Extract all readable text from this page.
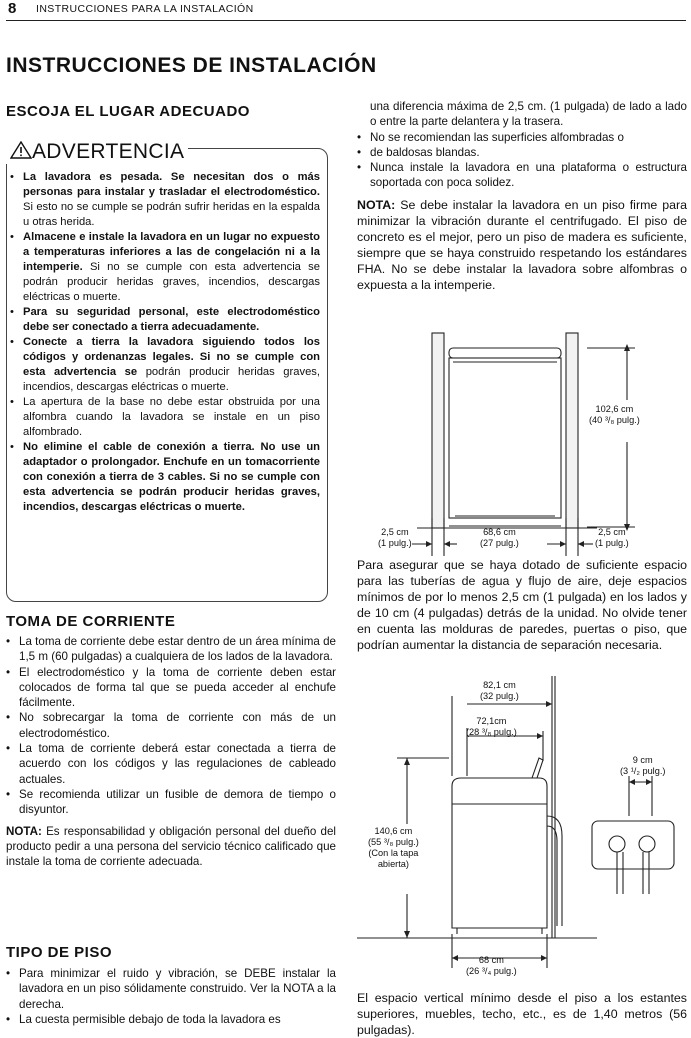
8 INSTRUCCIONES PARA LA INSTALACIÓN
INSTRUCCIONES DE INSTALACIÓN
ESCOJA EL LUGAR ADECUADO
ADVERTENCIA
• La lavadora es pesada. Se necesitan dos o más personas para instalar y trasladar el electrodoméstico. Si esto no se cumple se podrán sufrir heridas en la espalda u otras herida.
• Almacene e instale la lavadora en un lugar no expuesto a temperaturas inferiores a las de congelación ni a la intemperie. Si no se cumple con esta advertencia se podrán producir heridas graves, incendios, descargas eléctricas o muerte.
• Para su seguridad personal, este electrodoméstico debe ser conectado a tierra adecuadamente.
• Conecte a tierra la lavadora siguiendo todos los códigos y ordenanzas legales. Si no se cumple con esta advertencia se podrán producir heridas graves, incendios, descargas eléctricas o muerte.
• La apertura de la base no debe estar obstruida por una alfombra cuando la lavadora se instale en un piso alfombrado.
• No elimine el cable de conexión a tierra. No use un adaptador o prolongador. Enchufe en un tomacorriente con conexión a tierra de 3 cables. Si no se cumple con esta advertencia se podrán producir heridas graves, incendios, descargas eléctricas o muerte.
TOMA DE CORRIENTE
• La toma de corriente debe estar dentro de un área mínima de 1,5 m (60 pulgadas) a cualquiera de los lados de la lavadora.
• El electrodoméstico y la toma de corriente deben estar colocados de forma tal que se pueda acceder al enchufe fácilmente.
• No sobrecargar la toma de corriente con más de un electrodoméstico.
• La toma de corriente deberá estar conectada a tierra de acuerdo con los códigos y las regulaciones de cableado actuales.
• Se recomienda utilizar un fusible de demora de tiempo o disyuntor.
NOTA: Es responsabilidad y obligación personal del dueño del producto pedir a una persona del servicio técnico calificado que instale la toma de corriente adecuada.
TIPO DE PISO
• Para minimizar el ruido y vibración, se DEBE instalar la lavadora en un piso sólidamente construido. Ver la NOTA a la derecha.
• La cuesta permisible debajo de toda la lavadora es
una diferencia máxima de 2,5 cm. (1 pulgada) de lado a lado o entre la parte delantera y la trasera.
• No se recomiendan las superficies alfombradas o
• de baldosas blandas.
• Nunca instale la lavadora en una plataforma o estructura soportada con poca solidez.
NOTA: Se debe instalar la lavadora en un piso firme para minimizar la vibración durante el centrifugado. El piso de concreto es el mejor, pero un piso de madera es suficiente, siempre que se haya construido respetando los estándares FHA. No se debe instalar la lavadora sobre alfombras o expuesta a la intemperie.
102,6 cm
(40 ³/₈ pulg.)
2,5 cm
(1 pulg.)
68,6 cm
(27 pulg.)
2,5 cm
(1 pulg.)
Para asegurar que se haya dotado de suficiente espacio para las tuberías de agua y flujo de aire, deje espacios mínimos de por lo menos 2,5 cm (1 pulgada) en los lados y de 10 cm (4 pulgadas) detrás de la unidad. No olvide tener en cuenta las molduras de paredes, puertas o piso, que podrían aumentar la distancia de separación necesaria.
82,1 cm
(32 pulg.)
72,1cm
(28 ³/₈ pulg.)
9 cm
(3 ¹/₂ pulg.)
140,6 cm
(55 ³/₈ pulg.)
(Con la tapa
abierta)
68 cm
(26 ³/₄ pulg.)
El espacio vertical mínimo desde el piso a los estantes superiores, muebles, techo, etc., es de 1,40 metros (56 pulgadas).
